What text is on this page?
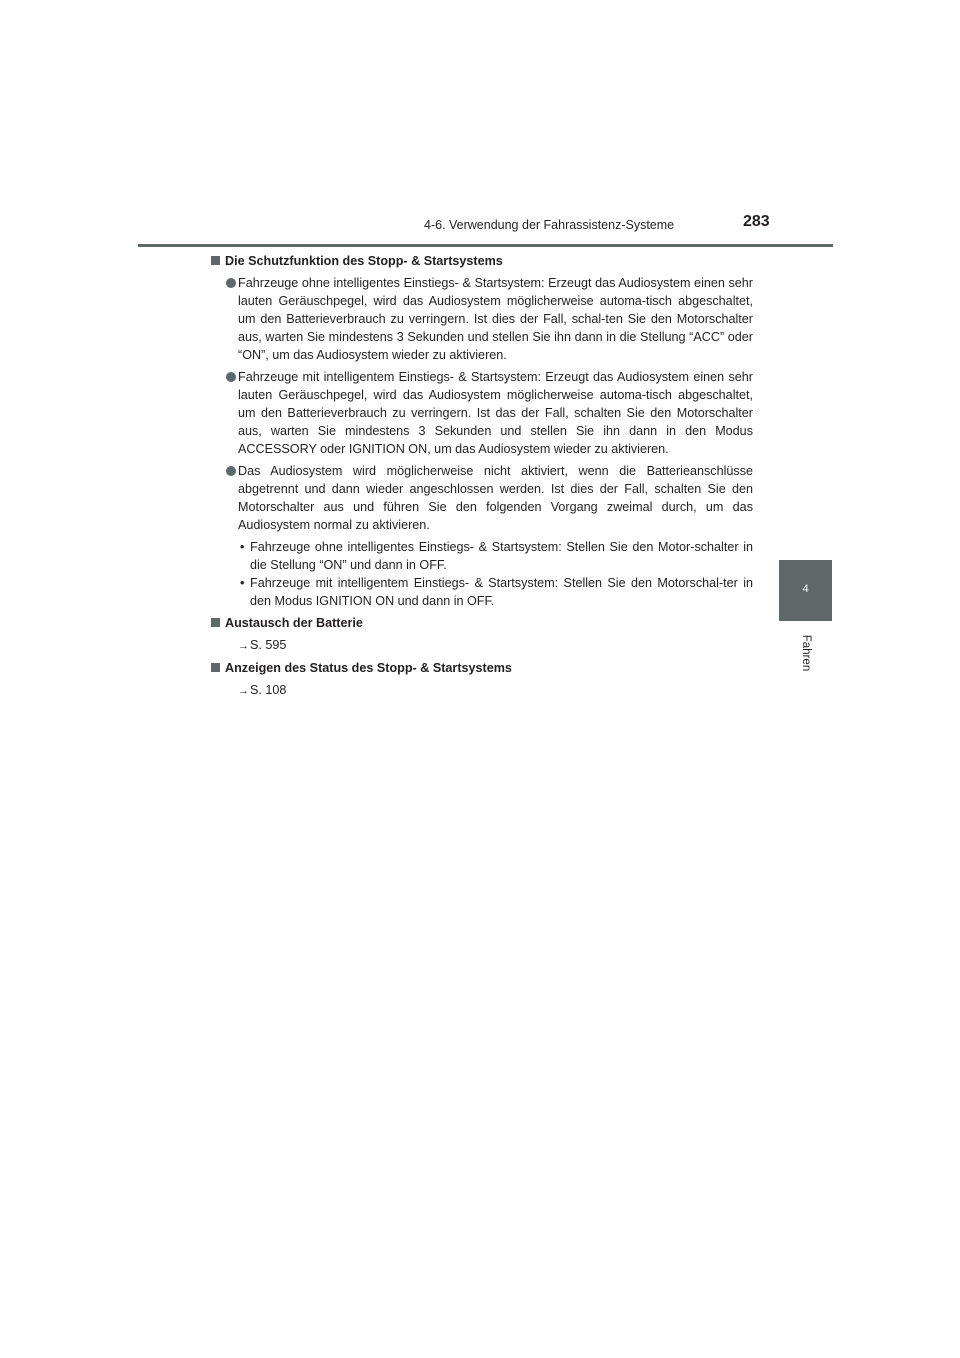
4-6. Verwendung der Fahrassistenz-Systeme	283
4
Fahren
Die Schutzfunktion des Stopp- & Startsystems
Fahrzeuge ohne intelligentes Einstiegs- & Startsystem: Erzeugt das Audiosystem einen sehr lauten Geräuschpegel, wird das Audiosystem möglicherweise automa-tisch abgeschaltet, um den Batterieverbrauch zu verringern. Ist dies der Fall, schal-ten Sie den Motorschalter aus, warten Sie mindestens 3 Sekunden und stellen Sie ihn dann in die Stellung “ACC” oder “ON”, um das Audiosystem wieder zu aktivieren.
Fahrzeuge mit intelligentem Einstiegs- & Startsystem: Erzeugt das Audiosystem einen sehr lauten Geräuschpegel, wird das Audiosystem möglicherweise automa-tisch abgeschaltet, um den Batterieverbrauch zu verringern. Ist das der Fall, schalten Sie den Motorschalter aus, warten Sie mindestens 3 Sekunden und stellen Sie ihn dann in den Modus ACCESSORY oder IGNITION ON, um das Audiosystem wieder zu aktivieren.
Das Audiosystem wird möglicherweise nicht aktiviert, wenn die Batterieanschlüsse abgetrennt und dann wieder angeschlossen werden. Ist dies der Fall, schalten Sie den Motorschalter aus und führen Sie den folgenden Vorgang zweimal durch, um das Audiosystem normal zu aktivieren.
• Fahrzeuge ohne intelligentes Einstiegs- & Startsystem: Stellen Sie den Motor-schalter in die Stellung “ON” und dann in OFF.
• Fahrzeuge mit intelligentem Einstiegs- & Startsystem: Stellen Sie den Motorschal-ter in den Modus IGNITION ON und dann in OFF.
Austausch der Batterie
→S. 595
Anzeigen des Status des Stopp- & Startsystems
→S. 108
